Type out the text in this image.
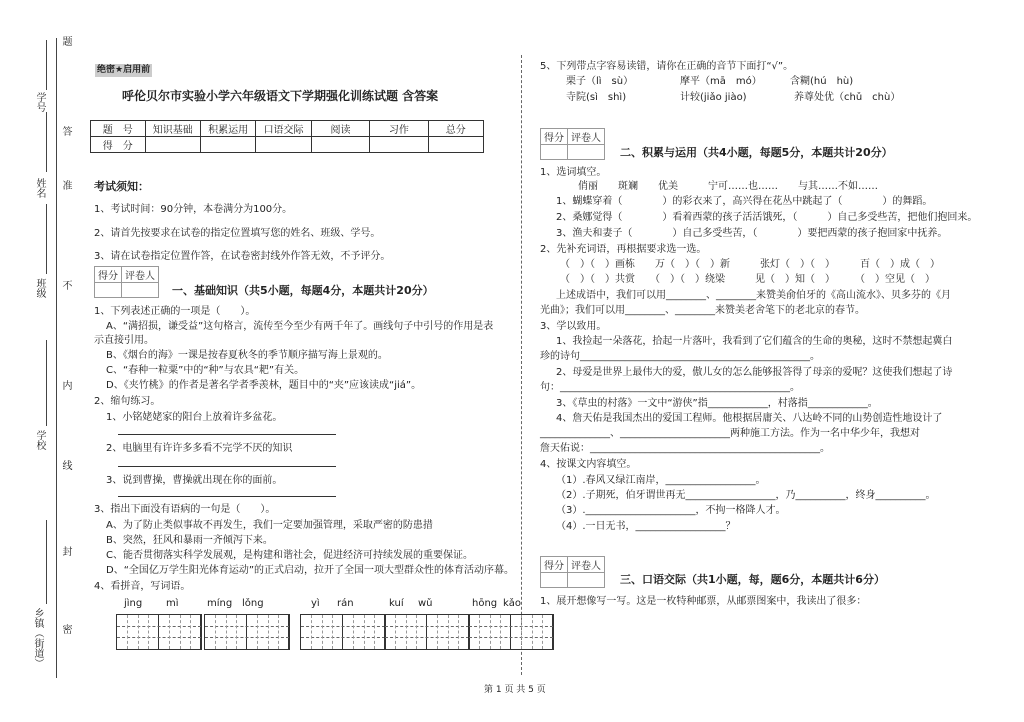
题
学号
答
姓名 准
班级 不
内
学校
线
封
乡镇（街道） 密
绝密★启用前
呼伦贝尔市实验小学六年级语文下学期强化训练试题 含答案
题　号	知识基础	积累运用	口语交际	阅读	习作	总分
得　分						
考试须知：
1、考试时间：90分钟，本卷满分为100分。
2、请首先按要求在试卷的指定位置填写您的姓名、班级、学号。
3、请在试卷指定位置作答，在试卷密封线外作答无效，不予评分。
得分	评卷人

一、基础知识（共5小题，每题4分，本题共计20分）
1、下列表述正确的一项是（　　）。
A、“满招损，谦受益”这句格言，流传至今至少有两千年了。画线句子中引号的作用是表
示直接引用。
B、《烟台的海》一课是按春夏秋冬的季节顺序描写海上景观的。
C、“春种一粒粟”中的“种”与农具“耙”有关。
D、《夹竹桃》的作者是著名学者季羡林，题目中的“夹”应该读成“jiá”。
2、缩句练习。
1、小铭姥姥家的阳台上放着许多盆花。
2、电脑里有许许多多看不完学不厌的知识
3、说到曹操，曹操就出现在你的面前。
3、指出下面没有语病的一句是（　　）。
A、为了防止类似事故不再发生，我们一定要加强管理，采取严密的防患措
B、突然，狂风和暴雨一齐倾泻下来。
C、能否贯彻落实科学发展观，是构建和谐社会，促进经济可持续发展的重要保证。
D、“全国亿万学生阳光体育运动”的正式启动，拉开了全国一项大型群众性的体育活动序幕。
4、看拼音，写词语。
jìng mì	míng lǒng	yì rán	kuí wǔ	hōng kǎo
5、下列带点字容易读错，请你在正确的音节下面打“√”。
栗子（lì　sù）	摩平（mā　mó）	含糊(hú　hù)
寺院(sì　shì)	计较(jiǎo jiào)	养尊处优（chǔ　chù）
得分	评卷人

二、积累与运用（共4小题，每题5分，本题共计20分）
1、选词填空。
俏丽　　斑斓　　优美　　　宁可……也……　　与其……不如……
1、蝴蝶穿着（　　　　）的彩衣来了，高兴得在花丛中跳起了（　　　　）的舞蹈。
2、桑娜觉得（　　　　）看着西蒙的孩子活活饿死，（　　　）自己多受些苦，把他们抱回来。
3、渔夫和妻子（　　　　）自己多受些苦，（　　　　）要把西蒙的孩子抱回家中抚养。
2、先补充词语，再根据要求选一选。
（　）（　）画栋　　万（　）（　）新　　　张灯（　）（　）　　　百（　）成（　）
（　）（　）共赏　　（　）（　）绕梁　　　见（　）知（　）　　　（　）空见（　）
上述成语中，我们可以用________、________来赞美俞伯牙的《高山流水》、贝多芬的《月
光曲》；我们可以用________、________来赞美老舍笔下的老北京的春节。
3、学以致用。
1、我捡起一朵落花，拾起一片落叶，我看到了它们蕴含的生命的奥秘，这时不禁想起冀白
珍的诗句______________________________________________。
2、母爱是世界上最伟大的爱，傲儿女的怎么能够报答得了母亲的爱呢？这使我们想起了诗
句：______________________________________________。
3、《草虫的村落》一文中“游侠”指____________，村落指____________。
4、詹天佑是我国杰出的爱国工程师。他根据居庸关、八达岭不同的山势创造性地设计了
______________、______________________两种施工方法。作为一名中华少年，我想对
詹天佑说：______________________________________________。
4、按课文内容填空。
（1）.春风又绿江南岸，__________________。
（2）.子期死，伯牙谓世再无__________________，乃__________，终身__________。
（3）.______________________，不拘一格降人才。
（4）.一日无书，__________________？
得分	评卷人

三、口语交际（共1小题，每，题6分，本题共计6分）
1、展开想像写一写。这是一枚特种邮票，从邮票图案中，我读出了很多：
第 1 页 共 5 页
